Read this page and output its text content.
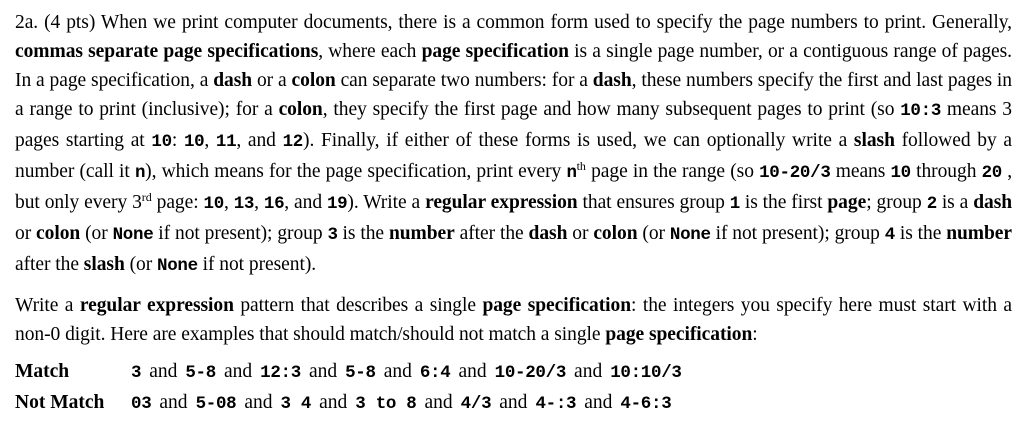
2a. (4 pts) When we print computer documents, there is a common form used to specify the page numbers to print. Generally, commas separate page specifications, where each page specification is a single page number, or a contiguous range of pages. In a page specification, a dash or a colon can separate two numbers: for a dash, these numbers specify the first and last pages in a range to print (inclusive); for a colon, they specify the first page and how many subsequent pages to print (so 10:3 means 3 pages starting at 10: 10, 11, and 12). Finally, if either of these forms is used, we can optionally write a slash followed by a number (call it n), which means for the page specification, print every $n^{th}$ page in the range (so 10-20/3 means 10 through 20 , but only every 3rd page: 10, 13, 16, and 19). Write a regular expression that ensures group 1 is the first page; group 2 is a dash or colon (or None if not present); group 3 is the number after the dash or colon (or None if not present); group 4 is the number after the slash (or None if not present).

Write a regular expression pattern that describes a single page specification: the integers you specify here must start with a non-0 digit. Here are examples that should match/should not match a single page specification:

Match	3 and 5-8 and 12:3 and 5-8 and 6:4 and 10-20/3 and 10:10/3
Not Match	03 and 5-08 and 3 4 and 3 to 8 and 4/3 and 4-:3 and 4-6:3
